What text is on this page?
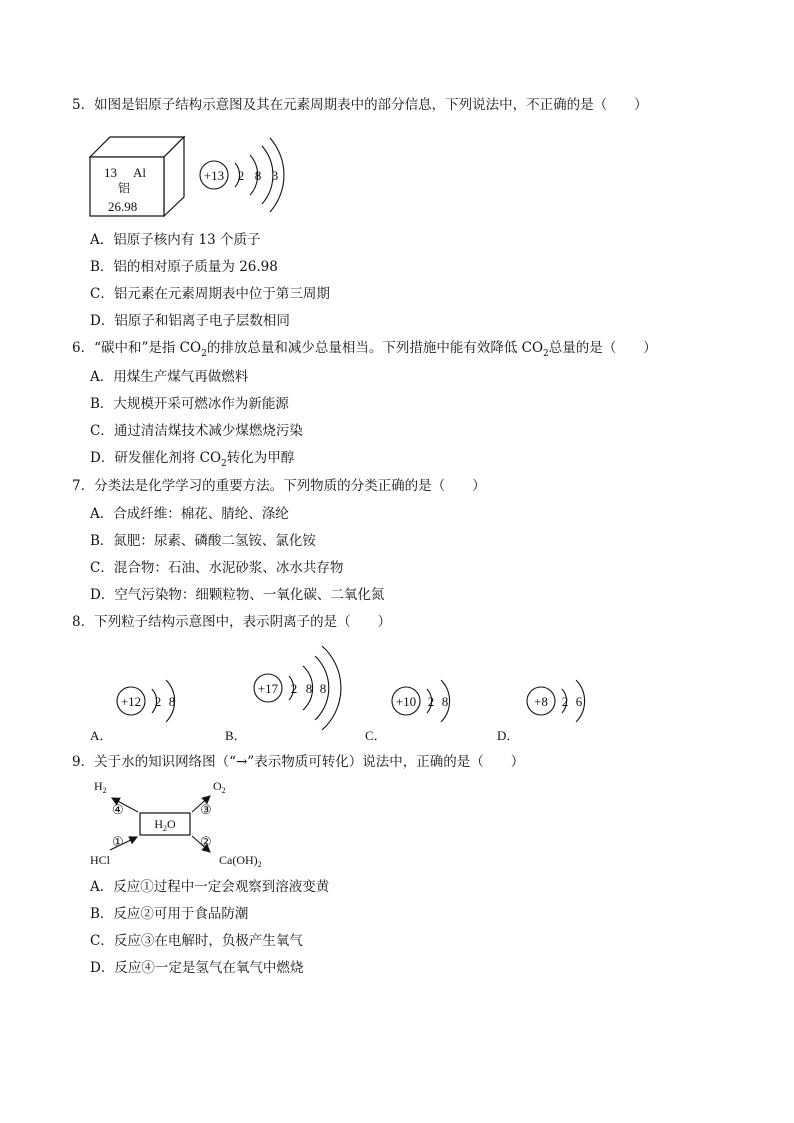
5．如图是铝原子结构示意图及其在元素周期表中的部分信息，下列说法中，不正确的是（　　）
13 Al
铝
26.98
+13 2 8 3
A．铝原子核内有 13 个质子
B．铝的相对原子质量为 26.98
C．铝元素在元素周期表中位于第三周期
D．铝原子和铝离子电子层数相同
6．“碳中和”是指 $CO_2$的排放总量和减少总量相当。下列措施中能有效降低 $CO_2$总量的是（　　）
A．用煤生产煤气再做燃料
B．大规模开采可燃冰作为新能源
C．通过清洁煤技术减少煤燃烧污染
D．研发催化剂将 $CO_2$转化为甲醇
7．分类法是化学学习的重要方法。下列物质的分类正确的是（　　）
A．合成纤维：棉花、腈纶、涤纶
B．氮肥：尿素、磷酸二氢铵、氯化铵
C．混合物：石油、水泥砂浆、冰水共存物
D．空气污染物：细颗粒物、一氧化碳、二氧化氮
8．下列粒子结构示意图中，表示阴离子的是（　　）
+12 2 8
A．
+17 2 8 8
B．
+10 2 8
C．
+8 2 6
D．
9．关于水的知识网络图（“→”表示物质可转化）说法中，正确的是（　　）
$H_2O$
$H_2$
④
$O_2$
③
HCl
①
$Ca(OH)_2$
②
A．反应①过程中一定会观察到溶液变黄
B．反应②可用于食品防潮
C．反应③在电解时，负极产生氧气
D．反应④一定是氢气在氧气中燃烧
